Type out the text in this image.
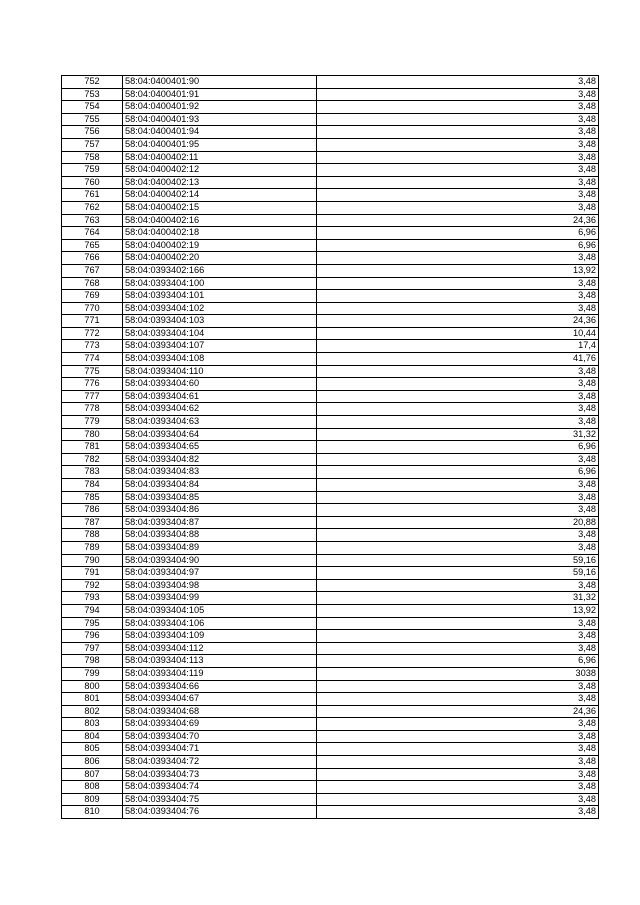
752	58:04:0400401:90	3,48
753	58:04:0400401:91	3,48
754	58:04:0400401:92	3,48
755	58:04:0400401:93	3,48
756	58:04:0400401:94	3,48
757	58:04:0400401:95	3,48
758	58:04:0400402:11	3,48
759	58:04:0400402:12	3,48
760	58:04:0400402:13	3,48
761	58:04:0400402:14	3,48
762	58:04:0400402:15	3,48
763	58:04:0400402:16	24,36
764	58:04:0400402:18	6,96
765	58:04:0400402:19	6,96
766	58:04:0400402:20	3,48
767	58:04:0393402:166	13,92
768	58:04:0393404:100	3,48
769	58:04:0393404:101	3,48
770	58:04:0393404:102	3,48
771	58:04:0393404:103	24,36
772	58:04:0393404:104	10,44
773	58:04:0393404:107	17,4
774	58:04:0393404:108	41,76
775	58:04:0393404:110	3,48
776	58:04:0393404:60	3,48
777	58:04:0393404:61	3,48
778	58:04:0393404:62	3,48
779	58:04:0393404:63	3,48
780	58:04:0393404:64	31,32
781	58:04:0393404:65	6,96
782	58:04:0393404:82	3,48
783	58:04:0393404:83	6,96
784	58:04:0393404:84	3,48
785	58:04:0393404:85	3,48
786	58:04:0393404:86	3,48
787	58:04:0393404:87	20,88
788	58:04:0393404:88	3,48
789	58:04:0393404:89	3,48
790	58:04:0393404:90	59,16
791	58:04:0393404:97	59,16
792	58:04:0393404:98	3,48
793	58:04:0393404:99	31,32
794	58:04:0393404:105	13,92
795	58:04:0393404:106	3,48
796	58:04:0393404:109	3,48
797	58:04:0393404:112	3,48
798	58:04:0393404:113	6,96
799	58:04:0393404:119	3038
800	58:04:0393404:66	3,48
801	58:04:0393404:67	3,48
802	58:04:0393404:68	24,36
803	58:04:0393404:69	3,48
804	58:04:0393404:70	3,48
805	58:04:0393404:71	3,48
806	58:04:0393404:72	3,48
807	58:04:0393404:73	3,48
808	58:04:0393404:74	3,48
809	58:04:0393404:75	3,48
810	58:04:0393404:76	3,48
